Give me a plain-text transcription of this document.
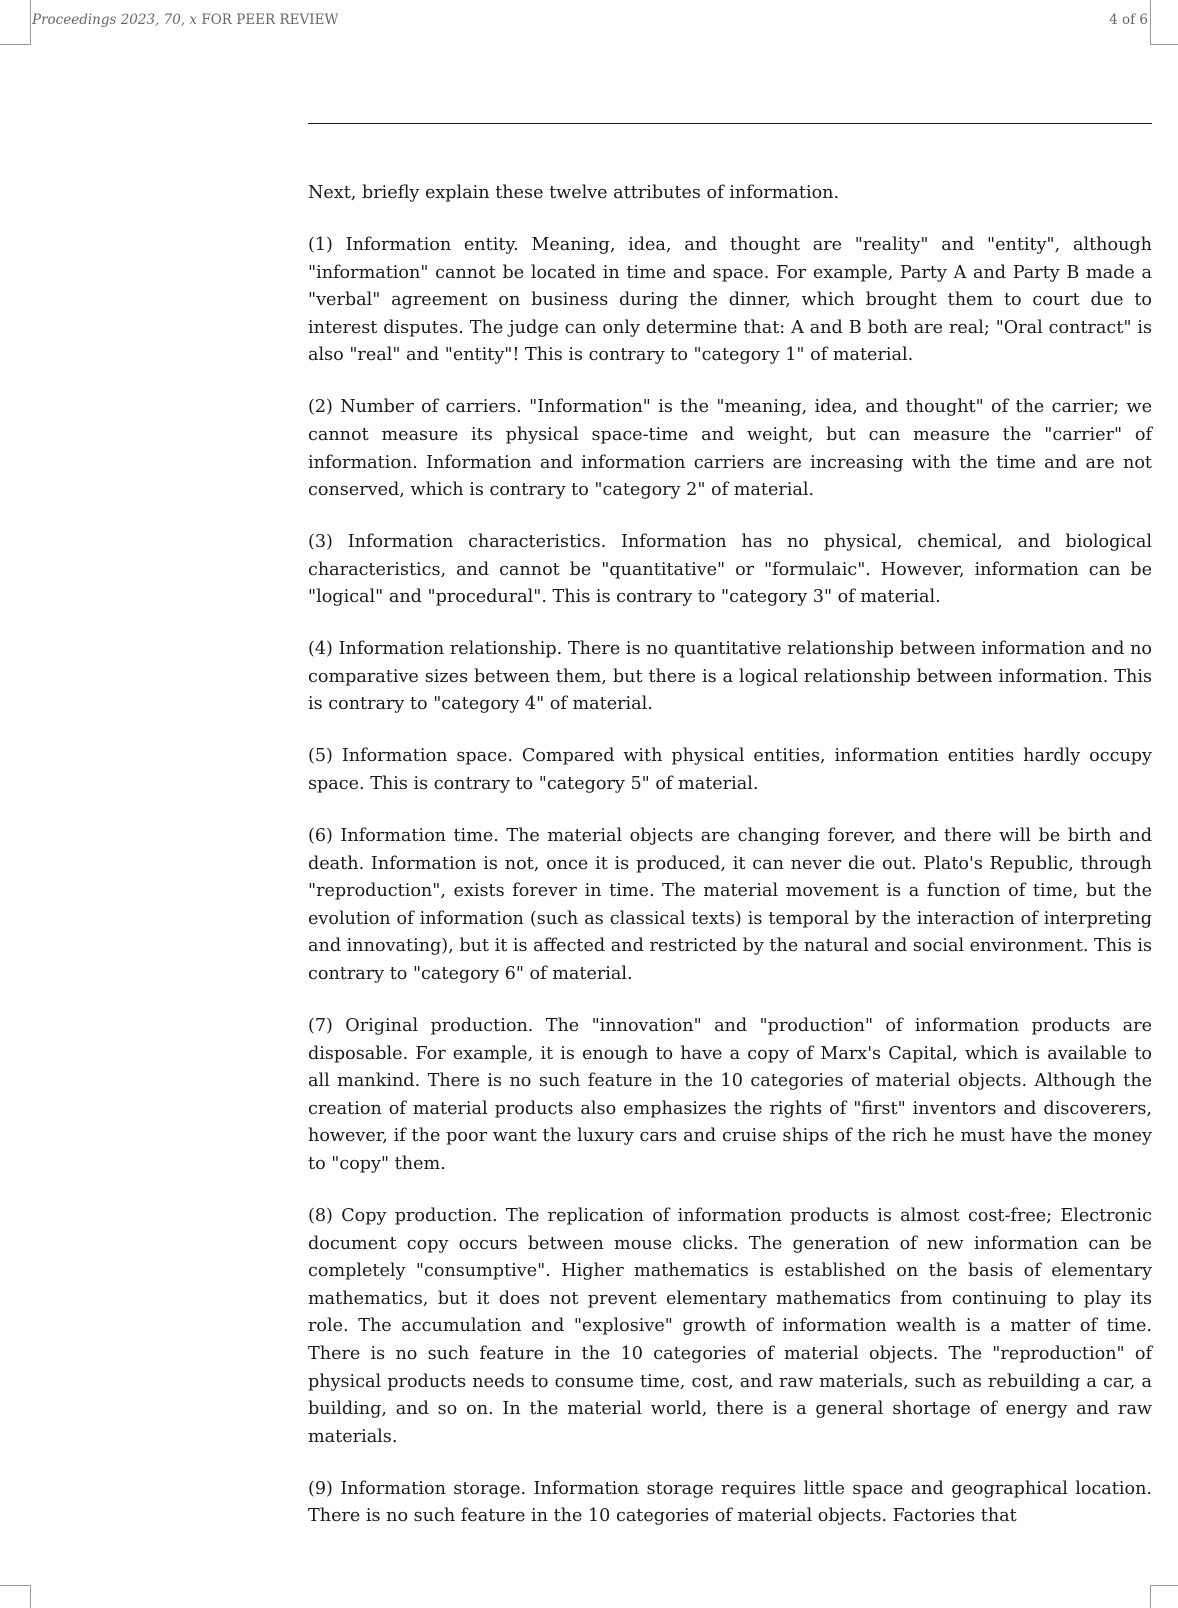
Proceedings 2023, 70, x FOR PEER REVIEW	4 of 6

Next, briefly explain these twelve attributes of information.

(1) Information entity. Meaning, idea, and thought are "reality" and "entity", although "information" cannot be located in time and space. For example, Party A and Party B made a "verbal" agreement on business during the dinner, which brought them to court due to interest disputes. The judge can only determine that: A and B both are real; "Oral contract" is also "real" and "entity"! This is contrary to "category 1" of material.

(2) Number of carriers. "Information" is the "meaning, idea, and thought" of the carrier; we cannot measure its physical space-time and weight, but can measure the "carrier" of information. Information and information carriers are increasing with the time and are not conserved, which is contrary to "category 2" of material.

(3) Information characteristics. Information has no physical, chemical, and biological characteristics, and cannot be "quantitative" or "formulaic". However, information can be "logical" and "procedural". This is contrary to "category 3" of material.

(4) Information relationship. There is no quantitative relationship between information and no comparative sizes between them, but there is a logical relationship between information. This is contrary to "category 4" of material.

(5) Information space. Compared with physical entities, information entities hardly occupy space. This is contrary to "category 5" of material.

(6) Information time. The material objects are changing forever, and there will be birth and death. Information is not, once it is produced, it can never die out. Plato's Republic, through "reproduction", exists forever in time. The material movement is a function of time, but the evolution of information (such as classical texts) is temporal by the interaction of interpreting and innovating), but it is affected and restricted by the natural and social environment. This is contrary to "category 6" of material.

(7) Original production. The "innovation" and "production" of information products are disposable. For example, it is enough to have a copy of Marx's Capital, which is available to all mankind. There is no such feature in the 10 categories of material objects. Although the creation of material products also emphasizes the rights of "first" inventors and discoverers, however, if the poor want the luxury cars and cruise ships of the rich he must have the money to "copy" them.

(8) Copy production. The replication of information products is almost cost-free; Electronic document copy occurs between mouse clicks. The generation of new information can be completely "consumptive". Higher mathematics is established on the basis of elementary mathematics, but it does not prevent elementary mathematics from continuing to play its role. The accumulation and "explosive" growth of information wealth is a matter of time. There is no such feature in the 10 categories of material objects. The "reproduction" of physical products needs to consume time, cost, and raw materials, such as rebuilding a car, a building, and so on. In the material world, there is a general shortage of energy and raw materials.

(9) Information storage. Information storage requires little space and geographical location. There is no such feature in the 10 categories of material objects. Factories that
